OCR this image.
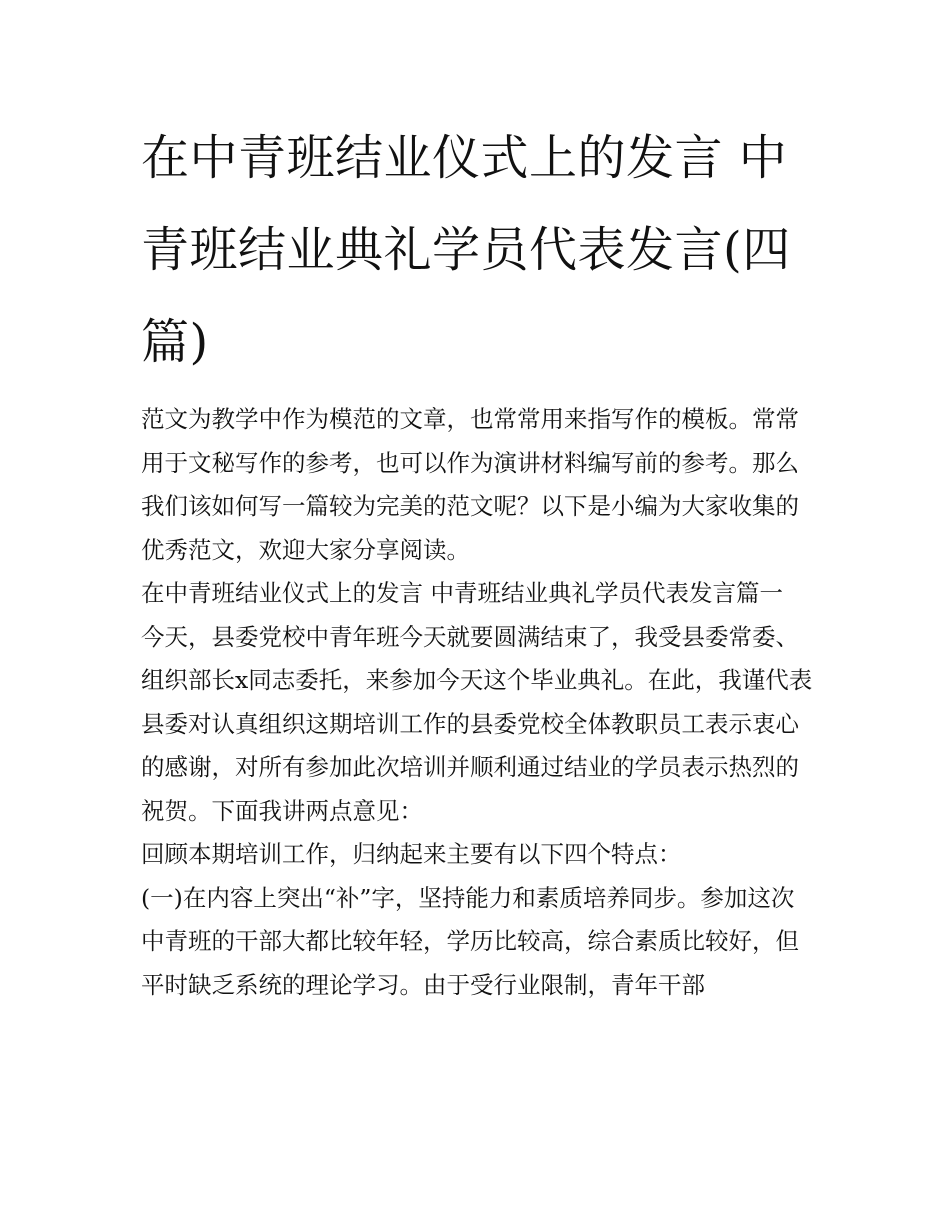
在中青班结业仪式上的发言 中青班结业典礼学员代表发言(四篇)

范文为教学中作为模范的文章，也常常用来指写作的模板。常常用于文秘写作的参考，也可以作为演讲材料编写前的参考。那么我们该如何写一篇较为完美的范文呢？以下是小编为大家收集的优秀范文，欢迎大家分享阅读。

在中青班结业仪式上的发言 中青班结业典礼学员代表发言篇一

今天，县委党校中青年班今天就要圆满结束了，我受县委常委、组织部长x同志委托，来参加今天这个毕业典礼。在此，我谨代表县委对认真组织这期培训工作的县委党校全体教职员工表示衷心的感谢，对所有参加此次培训并顺利通过结业的学员表示热烈的祝贺。下面我讲两点意见：

回顾本期培训工作，归纳起来主要有以下四个特点：

(一)在内容上突出“补”字，坚持能力和素质培养同步。参加这次中青班的干部大都比较年轻，学历比较高，综合素质比较好，但平时缺乏系统的理论学习。由于受行业限制，青年干部
